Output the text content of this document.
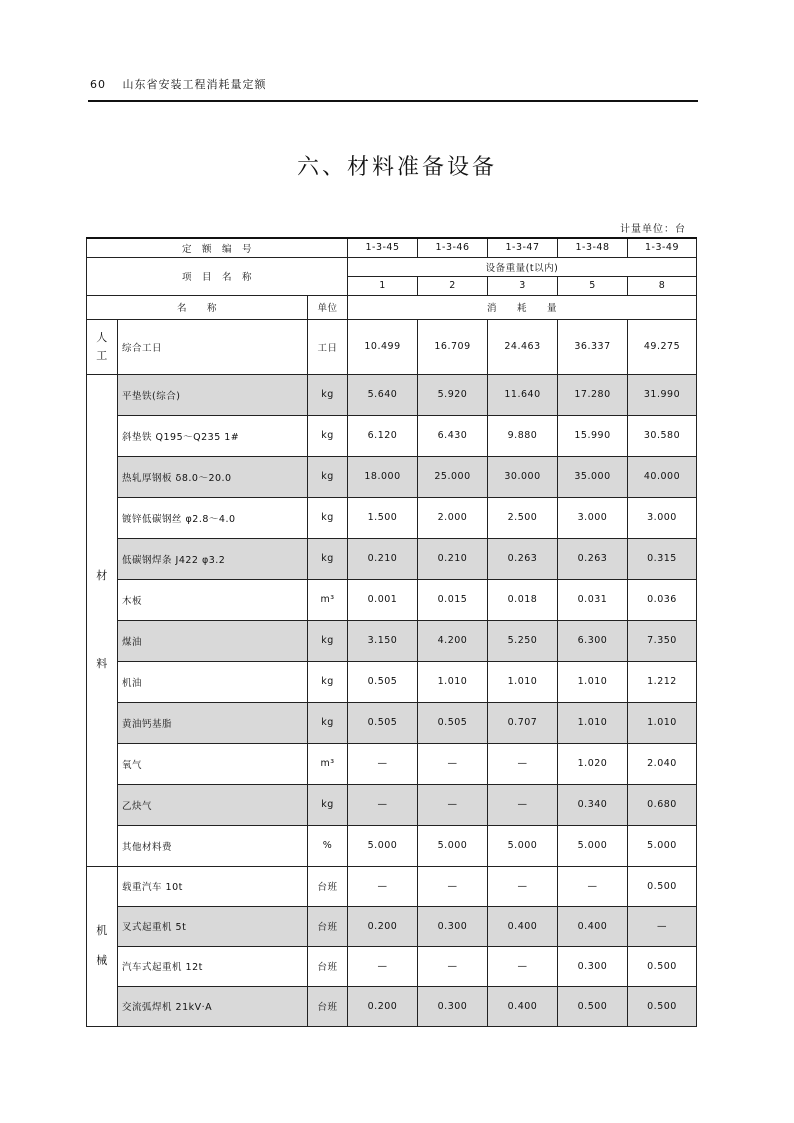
60 山东省安装工程消耗量定额
六、材料准备设备
计量单位：台
定　额　编　号			1-3-45	1-3-46	1-3-47	1-3-48	1-3-49
项　目　名　称			设备重量(t以内)				
			1	2	3	5	8
名　　称		单位	消　　耗　　量				

人
工	综合工日	工日	10.499	16.709	24.463	36.337	49.275

材
料	平垫铁(综合)	kg	5.640	5.920	11.640	17.280	31.990
	斜垫铁 Q195～Q235 1#	kg	6.120	6.430	9.880	15.990	30.580
	热轧厚钢板 δ8.0～20.0	kg	18.000	25.000	30.000	35.000	40.000
	镀锌低碳钢丝 φ2.8～4.0	kg	1.500	2.000	2.500	3.000	3.000
	低碳钢焊条 J422 φ3.2	kg	0.210	0.210	0.263	0.263	0.315
	木板	m³	0.001	0.015	0.018	0.031	0.036
	煤油	kg	3.150	4.200	5.250	6.300	7.350
	机油	kg	0.505	1.010	1.010	1.010	1.212
	黄油钙基脂	kg	0.505	0.505	0.707	1.010	1.010
	氧气	m³	—	—	—	1.020	2.040
	乙炔气	kg	—	—	—	0.340	0.680
	其他材料费	%	5.000	5.000	5.000	5.000	5.000

机
械	载重汽车 10t	台班	—	—	—	—	0.500
	叉式起重机 5t	台班	0.200	0.300	0.400	0.400	—
	汽车式起重机 12t	台班	—	—	—	0.300	0.500
	交流弧焊机 21kV·A	台班	0.200	0.300	0.400	0.500	0.500
